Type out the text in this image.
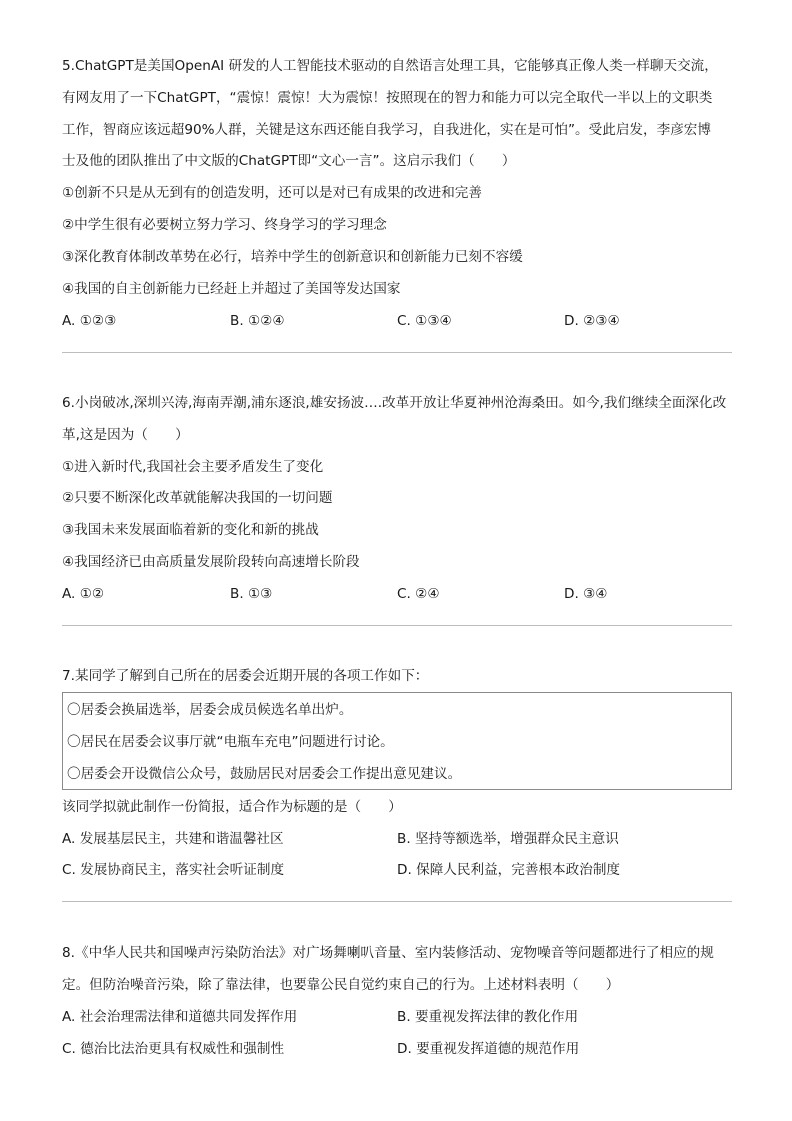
5.ChatGPT是美国OpenAI 研发的人工智能技术驱动的自然语言处理工具，它能够真正像人类一样聊天交流，
有网友用了一下ChatGPT，“震惊！震惊！大为震惊！按照现在的智力和能力可以完全取代一半以上的文职类
工作，智商应该远超90%人群，关键是这东西还能自我学习，自我进化，实在是可怕”。受此启发，李彦宏博
士及他的团队推出了中文版的ChatGPT即“文心一言”。这启示我们（　　）
①创新不只是从无到有的创造发明，还可以是对已有成果的改进和完善
②中学生很有必要树立努力学习、终身学习的学习理念
③深化教育体制改革势在必行，培养中学生的创新意识和创新能力已刻不容缓
④我国的自主创新能力已经赶上并超过了美国等发达国家
A. ①②③	B. ①②④	C. ①③④	D. ②③④
6.小岗破冰,深圳兴涛,海南弄潮,浦东逐浪,雄安扬波….改革开放让华夏神州沧海桑田。如今,我们继续全面深化改
革,这是因为（　　）
①进入新时代,我国社会主要矛盾发生了变化
②只要不断深化改革就能解决我国的一切问题
③我国未来发展面临着新的变化和新的挑战
④我国经济已由高质量发展阶段转向高速增长阶段
A. ①②	B. ①③	C. ②④	D. ③④
7.某同学了解到自己所在的居委会近期开展的各项工作如下：
〇居委会换届选举，居委会成员候选名单出炉。
〇居民在居委会议事厅就“电瓶车充电”问题进行讨论。
〇居委会开设微信公众号，鼓励居民对居委会工作提出意见建议。
该同学拟就此制作一份简报，适合作为标题的是（　　）
A. 发展基层民主，共建和谐温馨社区	B. 坚持等额选举，增强群众民主意识
C. 发展协商民主，落实社会听证制度	D. 保障人民利益，完善根本政治制度
8.《中华人民共和国噪声污染防治法》对广场舞喇叭音量、室内装修活动、宠物噪音等问题都进行了相应的规
定。但防治噪音污染，除了靠法律，也要靠公民自觉约束自己的行为。上述材料表明（　　）
A. 社会治理需法律和道德共同发挥作用	B. 要重视发挥法律的教化作用
C. 德治比法治更具有权威性和强制性	D. 要重视发挥道德的规范作用
